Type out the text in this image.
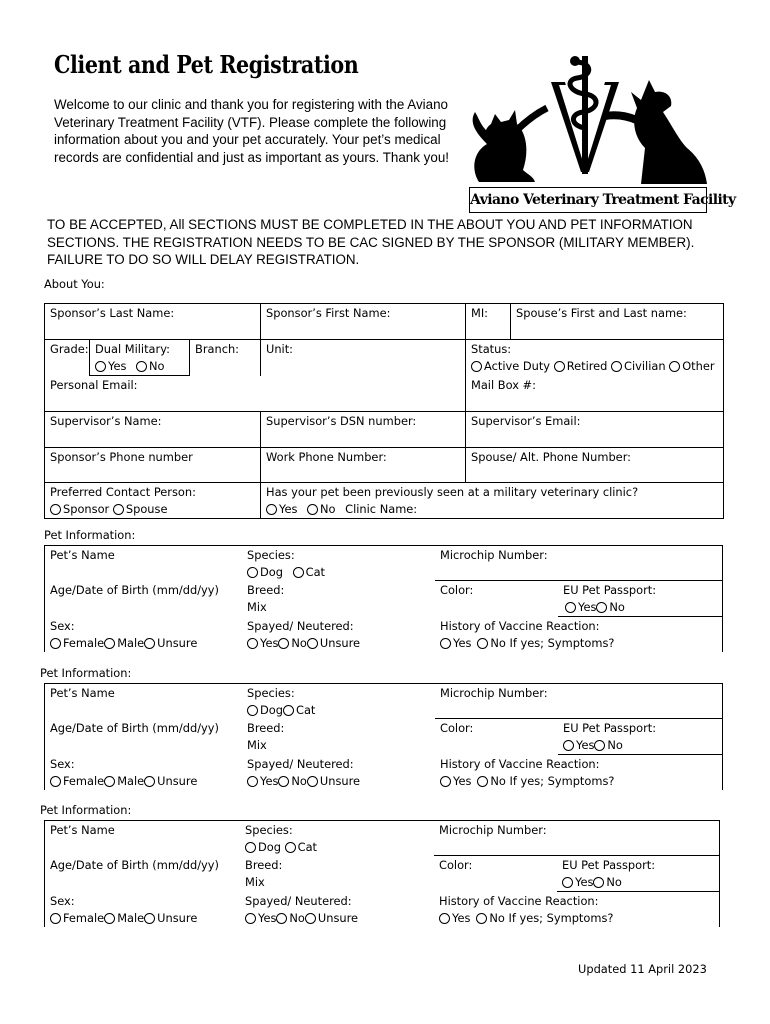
Client and Pet Registration
Welcome to our clinic and thank you for registering with the Aviano Veterinary Treatment Facility (VTF). Please complete the following information about you and your pet accurately. Your pet’s medical records are confidential and just as important as yours. Thank you!
Aviano Veterinary Treatment Facility
TO BE ACCEPTED, All SECTIONS MUST BE COMPLETED IN THE ABOUT YOU AND PET INFORMATION SECTIONS. THE REGISTRATION NEEDS TO BE CAC SIGNED BY THE SPONSOR (MILITARY MEMBER). FAILURE TO DO SO WILL DELAY REGISTRATION.
About You:
Sponsor’s Last Name:	Sponsor’s First Name:	MI:	Spouse’s First and Last name:
Grade: Dual Military:
Yes No
Branch:	Unit:	Status:
Active Duty Retired Civilian Other
Personal Email:	Mail Box #:
Supervisor’s Name:	Supervisor’s DSN number:	Supervisor’s Email:
Sponsor’s Phone number	Work Phone Number:	Spouse/ Alt. Phone Number:
Preferred Contact Person:
Sponsor Spouse
Has your pet been previously seen at a military veterinary clinic?
Yes No Clinic Name:
Pet Information:
Pet’s Name	Species:
Dog Cat
Microchip Number:
Age/Date of Birth (mm/dd/yy)	Breed:
Mix
Color:	EU Pet Passport:
Yes No
Sex:
Female Male Unsure
Spayed/ Neutered:
Yes No Unsure
History of Vaccine Reaction:
Yes No If yes; Symptoms?
Pet Information:
Pet’s Name	Species:
Dog Cat
Microchip Number:
Age/Date of Birth (mm/dd/yy)	Breed:
Mix
Color:	EU Pet Passport:
Yes No
Sex:
Female Male Unsure
Spayed/ Neutered:
Yes No Unsure
History of Vaccine Reaction:
Yes No If yes; Symptoms?
Pet Information:
Pet’s Name	Species:
Dog Cat
Microchip Number:
Age/Date of Birth (mm/dd/yy)	Breed:
Mix
Color:	EU Pet Passport:
Yes No
Sex:
Female Male Unsure
Spayed/ Neutered:
Yes No Unsure
History of Vaccine Reaction:
Yes No If yes; Symptoms?
Updated 11 April 2023
